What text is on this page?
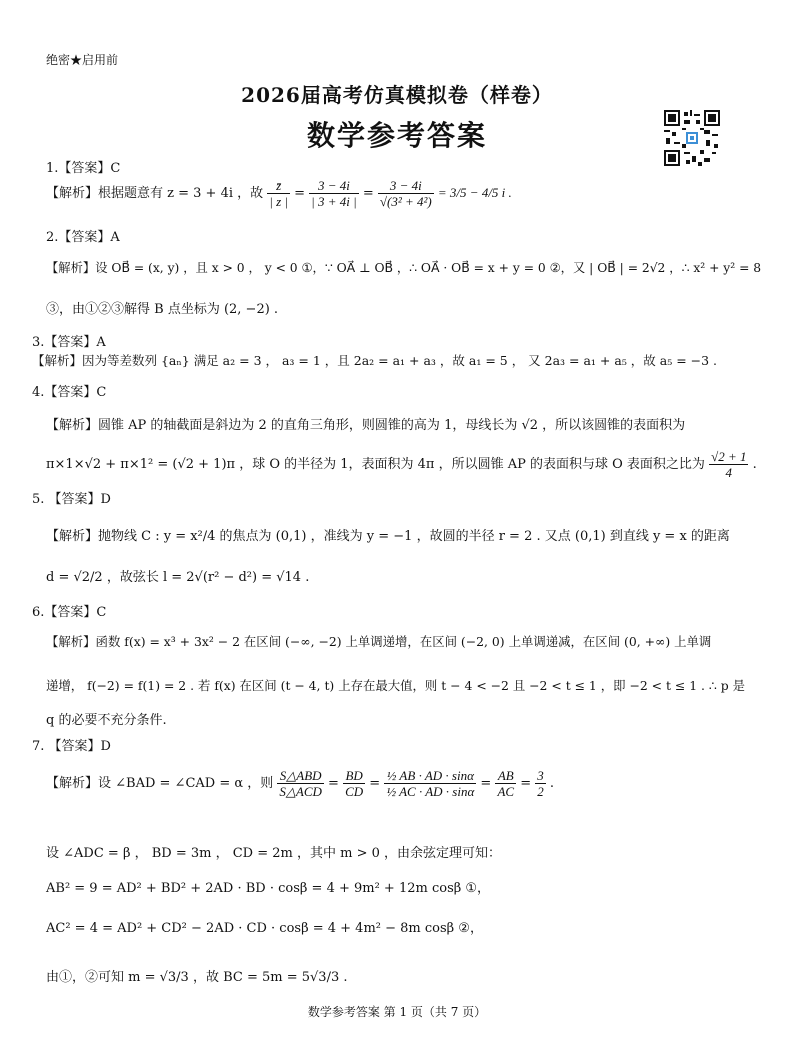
绝密★启用前
2026届高考仿真模拟卷（样卷）
数学参考答案
1.【答案】C
【解析】根据题意有 z = 3 + 4i ，故 $\frac{z̄}{| z |} = \frac{3 - 4i}{| 3 + 4i |} = \frac{3 - 4i}{\text{√(3² + 4²)}} = 3/5 - 4/5$ i .
2.【答案】A
【解析】设 OB⃗ = (x, y) ，且 x > 0 ， y < 0 ①，∵ OA⃗ ⊥ OB⃗ ，∴ OA⃗ · OB⃗ = x + y = 0 ②，又 | OB⃗ | = 2√2 ，∴ x² + y² = 8
③，由①②③解得 B 点坐标为 (2, −2) .
3.【答案】A
【解析】因为等差数列 {aₙ} 满足 a₂ = 3 ， a₃ = 1 ，且 2a₂ = a₁ + a₃ ，故 a₁ = 5 ， 又 2a₃ = a₁ + a₅ ，故 a₅ = −3 .
4.【答案】C
【解析】圆锥 AP 的轴截面是斜边为 2 的直角三角形，则圆锥的高为 1，母线长为 √2 ，所以该圆锥的表面积为
π×1×√2 + π×1² = (√2 + 1)π ，球 O 的半径为 1，表面积为 4π ，所以圆锥 AP 的表面积与球 O 表面积之比为 $\frac{√2 + 1}{4}$ .
5. 【答案】D
【解析】抛物线 C : y = x²/4 的焦点为 (0,1) ，准线为 y = −1 ，故圆的半径 r = 2 . 又点 (0,1) 到直线 y = x 的距离
d = √2/2 ，故弦长 l = 2√(r² − d²) = √14 .
6.【答案】C
【解析】函数 f(x) = x³ + 3x² − 2 在区间 (−∞, −2) 上单调递增，在区间 (−2, 0) 上单调递减，在区间 (0, +∞) 上单调
递增， f(−2) = f(1) = 2 . 若 f(x) 在区间 (t − 4, t) 上存在最大值，则 t − 4 < −2 且 −2 < t ≤ 1 ，即 −2 < t ≤ 1 . ∴ p 是
q 的必要不充分条件.
7. 【答案】D
【解析】设 ∠BAD = ∠CAD = α ，则 $\frac{\text{S△ABD}}{\text{S△ACD}} = \frac{BD}{CD} = \frac{\text{½ AB · AD · sinα}}{\text{½ AC · AD · sinα}} = \frac{AB}{AC} = \frac{3}{2}$ .
设 ∠ADC = β ， BD = 3m ， CD = 2m ，其中 m > 0 ，由余弦定理可知：
AB² = 9 = AD² + BD² + 2AD · BD · cosβ = 4 + 9m² + 12m cosβ ①，
AC² = 4 = AD² + CD² − 2AD · CD · cosβ = 4 + 4m² − 8m cosβ ②，
由①，②可知 m = √3/3 ，故 BC = 5m = 5√3/3 .
数学参考答案 第 1 页（共 7 页）
